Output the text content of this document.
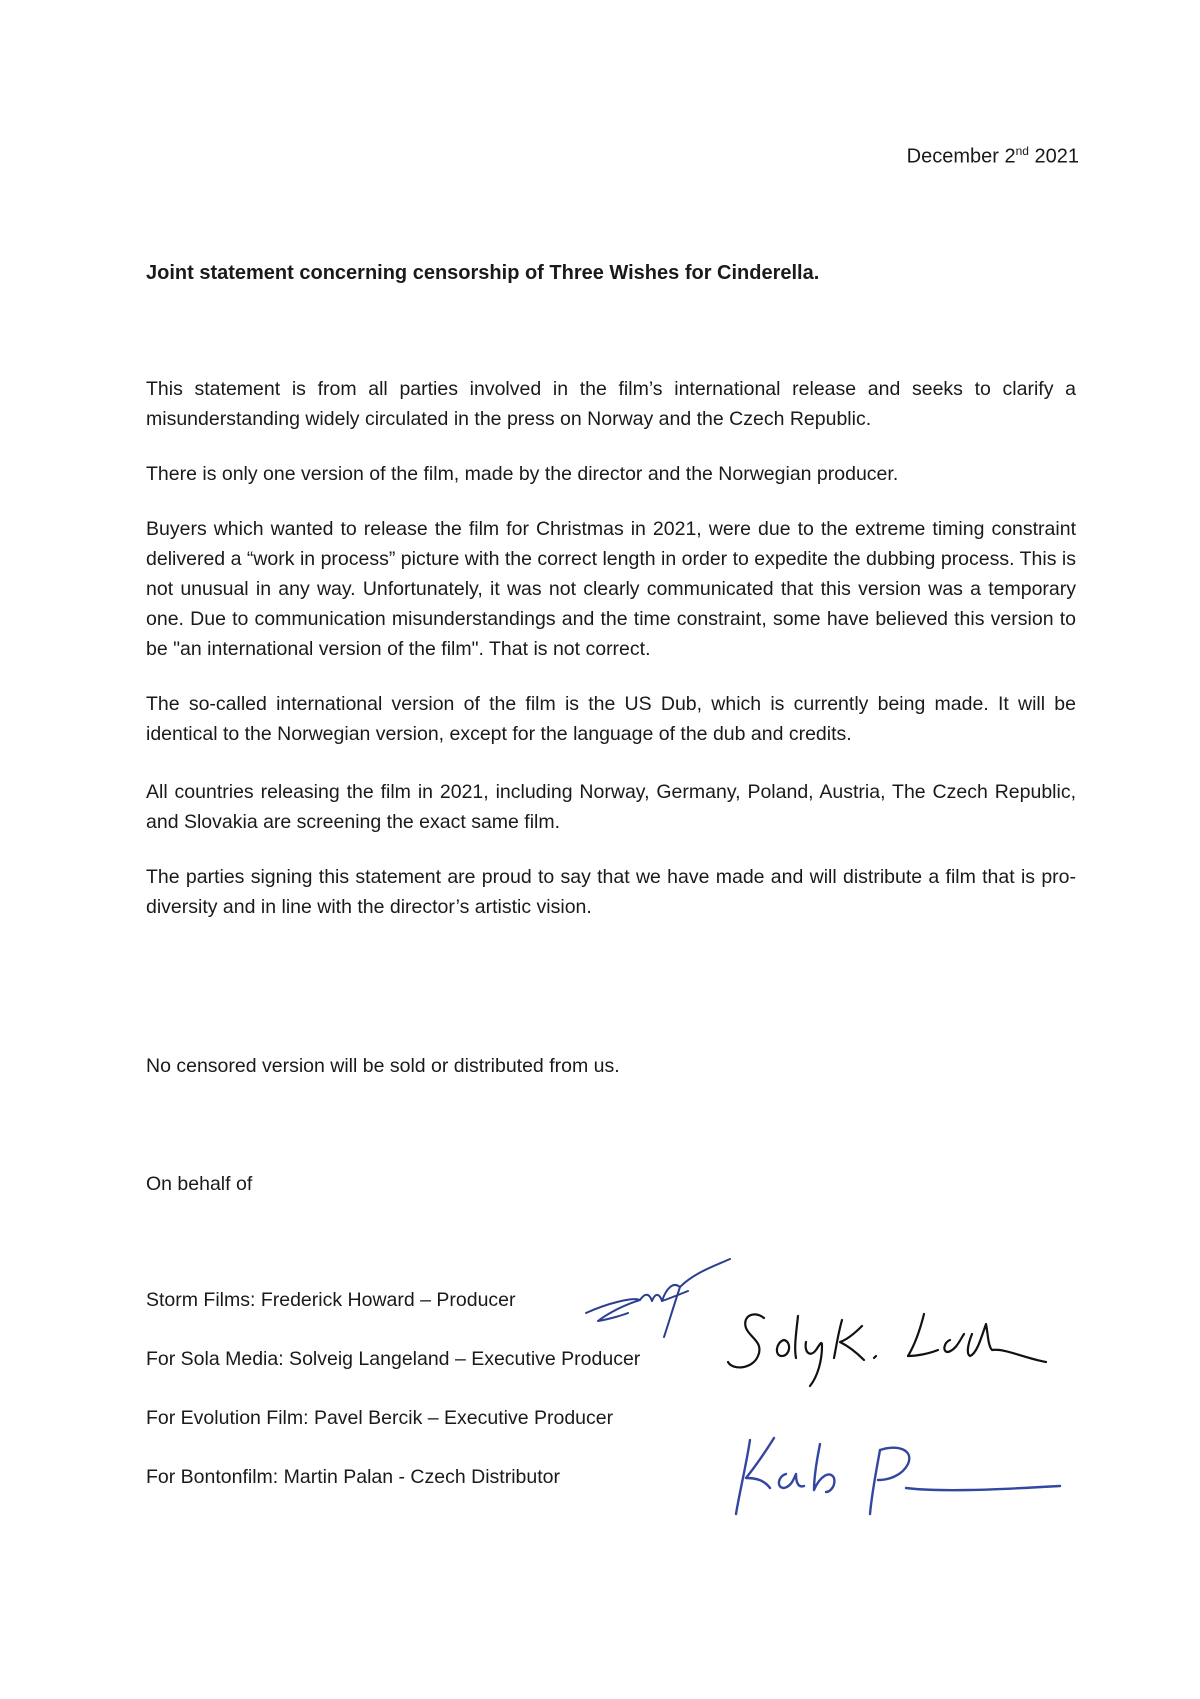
December 2nd 2021
Joint statement concerning censorship of Three Wishes for Cinderella.

This statement is from all parties involved in the film’s international release and seeks to clarify a misunderstanding widely circulated in the press on Norway and the Czech Republic.

There is only one version of the film, made by the director and the Norwegian producer.

Buyers which wanted to release the film for Christmas in 2021, were due to the extreme timing constraint delivered a “work in process” picture with the correct length in order to expedite the dubbing process. This is not unusual in any way. Unfortunately, it was not clearly communicated that this version was a temporary one. Due to communication misunderstandings and the time constraint, some have believed this version to be "an international version of the film". That is not correct.

The so-called international version of the film is the US Dub, which is currently being made. It will be identical to the Norwegian version, except for the language of the dub and credits.

All countries releasing the film in 2021, including Norway, Germany, Poland, Austria, The Czech Republic, and Slovakia are screening the exact same film.

The parties signing this statement are proud to say that we have made and will distribute a film that is pro-diversity and in line with the director’s artistic vision.

No censored version will be sold or distributed from us.
On behalf of
Storm Films: Frederick Howard – Producer
For Sola Media: Solveig Langeland – Executive Producer
For Evolution Film: Pavel Bercik – Executive Producer
For Bontonfilm: Martin Palan - Czech Distributor
